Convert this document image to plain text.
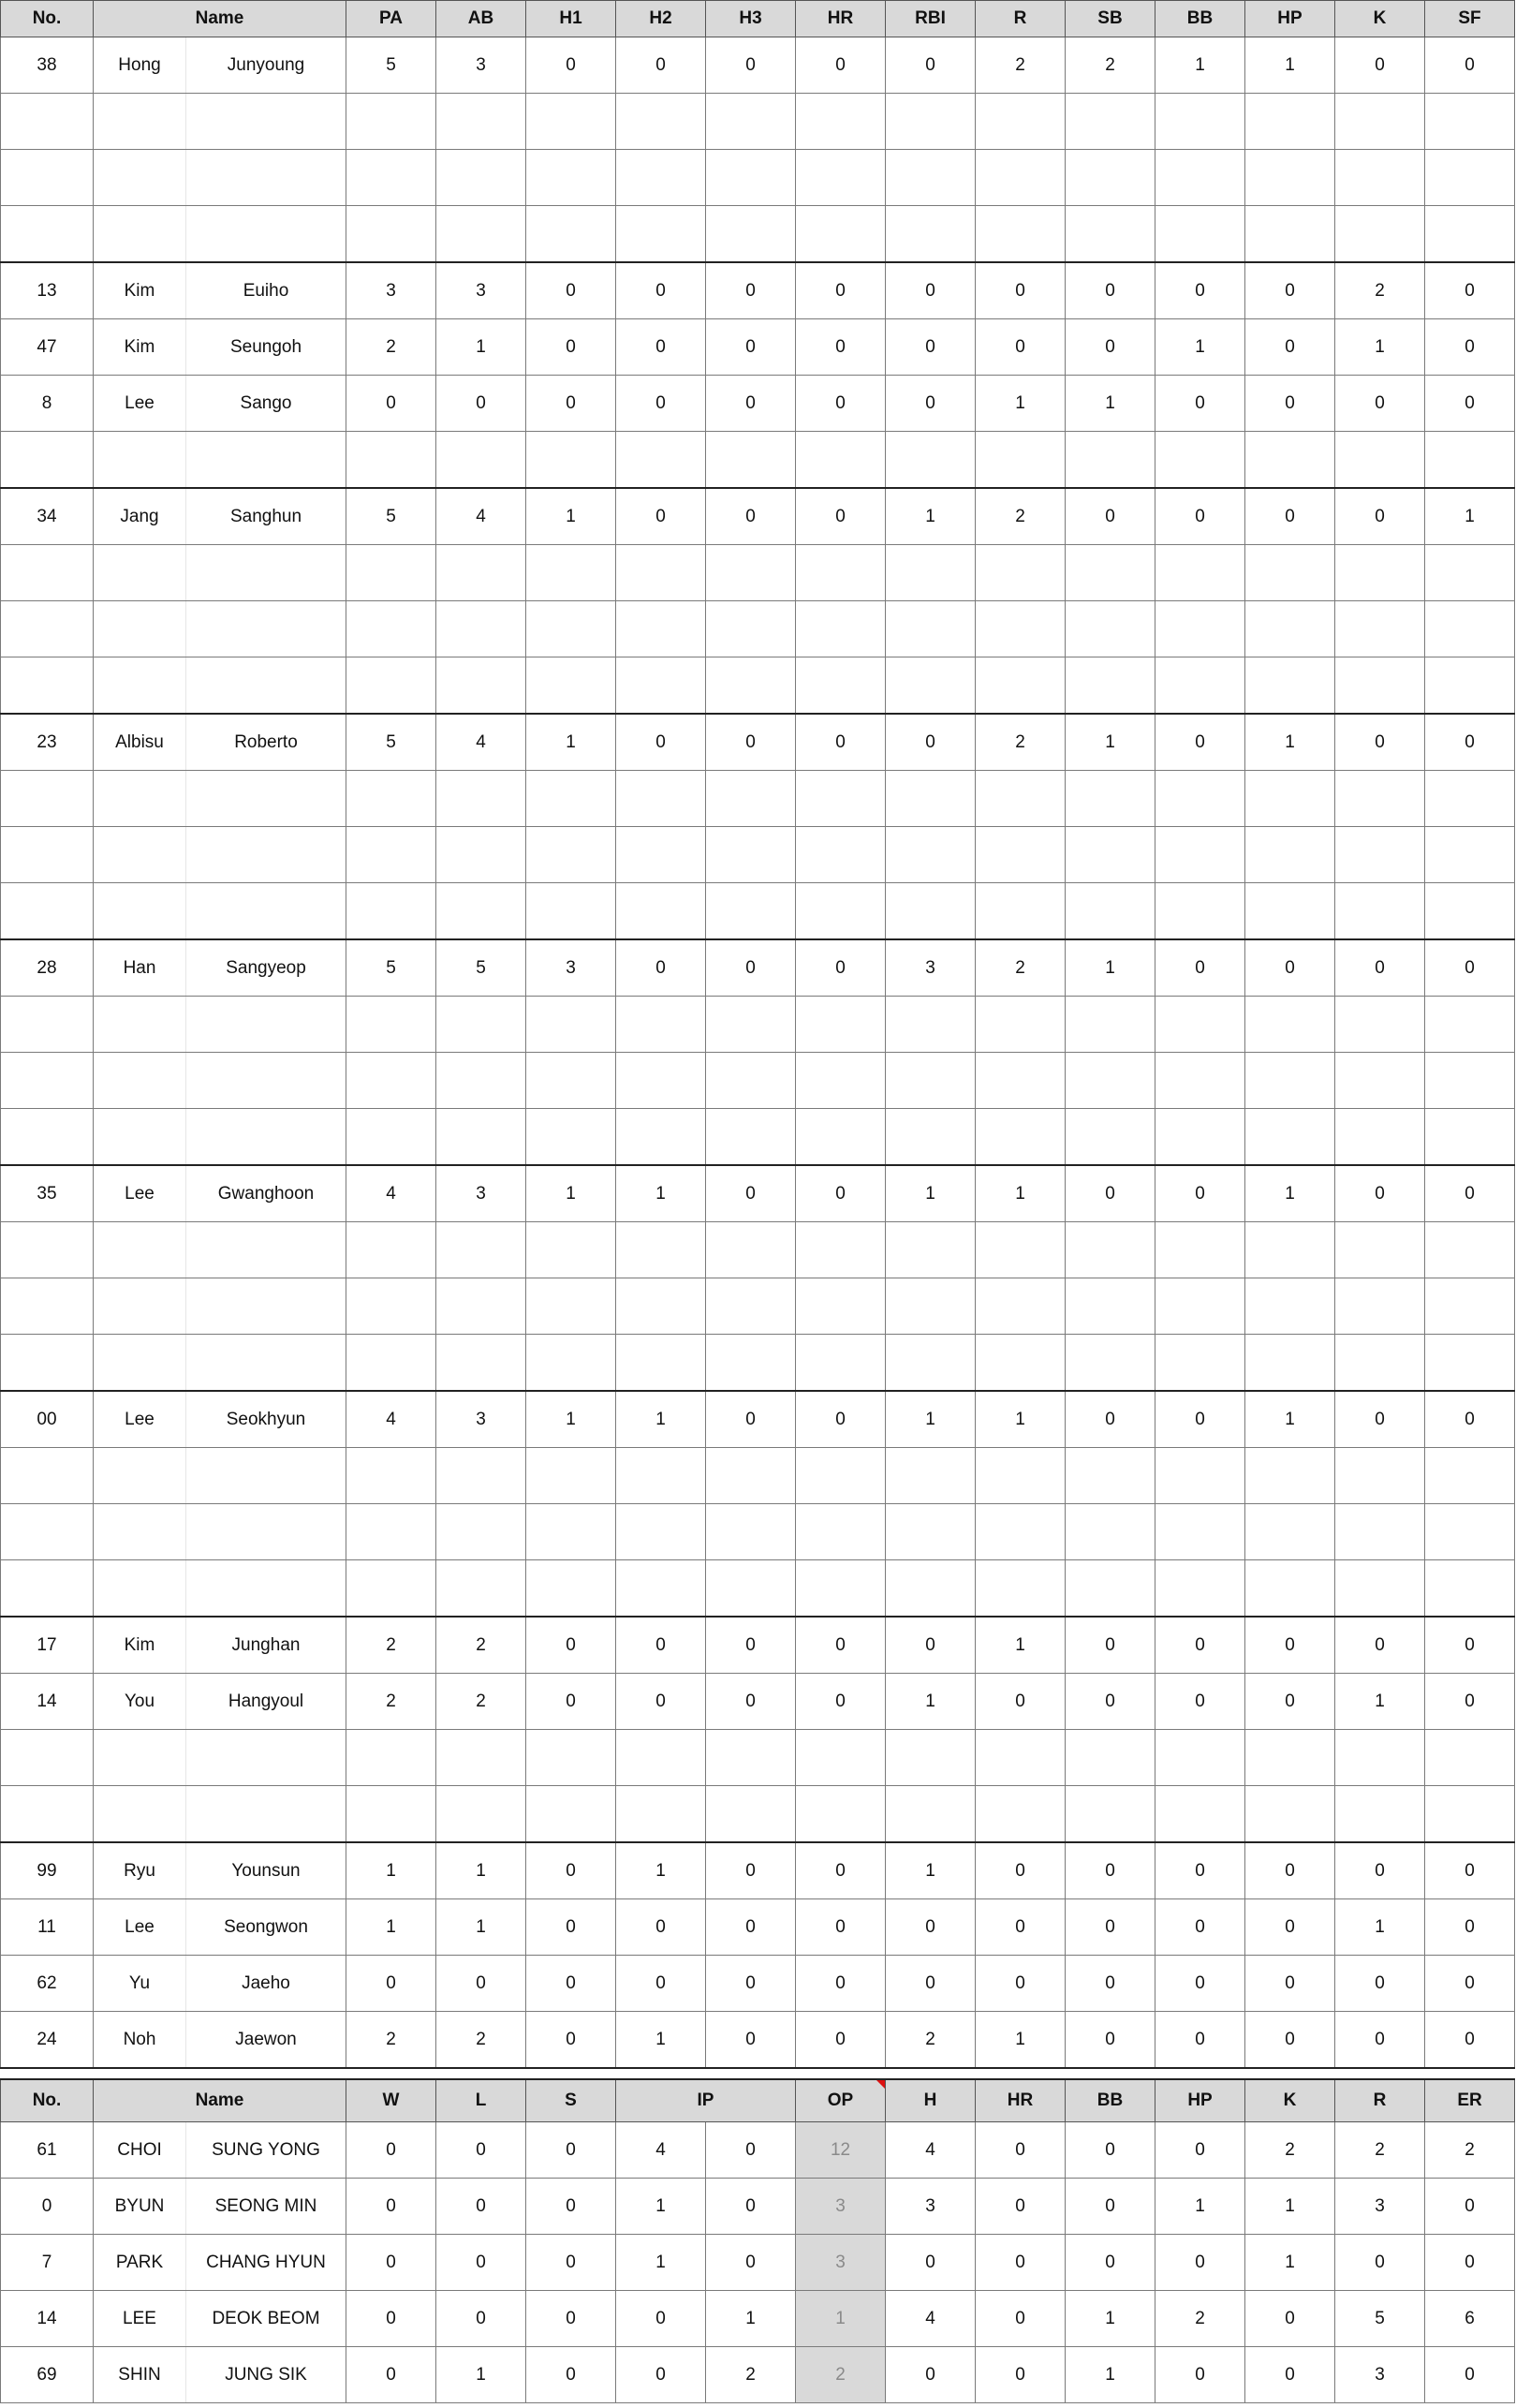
No.	Name		PA	AB	H1	H2	H3	HR	RBI	R	SB	BB	HP	K	SF
38	Hong	Junyoung	5	3	0	0	0	0	0	2	2	1	1	0	0

13	Kim	Euiho	3	3	0	0	0	0	0	0	0	0	0	2	0
47	Kim	Seungoh	2	1	0	0	0	0	0	0	0	1	0	1	0
8	Lee	Sango	0	0	0	0	0	0	0	1	1	0	0	0	0

34	Jang	Sanghun	5	4	1	0	0	0	1	2	0	0	0	0	1

23	Albisu	Roberto	5	4	1	0	0	0	0	2	1	0	1	0	0

28	Han	Sangyeop	5	5	3	0	0	0	3	2	1	0	0	0	0

35	Lee	Gwanghoon	4	3	1	1	0	0	1	1	0	0	1	0	0

00	Lee	Seokhyun	4	3	1	1	0	0	1	1	0	0	1	0	0

17	Kim	Junghan	2	2	0	0	0	0	0	1	0	0	0	0	0
14	You	Hangyoul	2	2	0	0	0	0	1	0	0	0	0	1	0

99	Ryu	Younsun	1	1	0	1	0	0	1	0	0	0	0	0	0
11	Lee	Seongwon	1	1	0	0	0	0	0	0	0	0	0	1	0
62	Yu	Jaeho	0	0	0	0	0	0	0	0	0	0	0	0	0
24	Noh	Jaewon	2	2	0	1	0	0	2	1	0	0	0	0	0
No.	Name		W	L	S	IP		OP	H	HR	BB	HP	K	R	ER
61	CHOI	SUNG YONG	0	0	0	4	0	12	4	0	0	0	2	2	2
0	BYUN	SEONG MIN	0	0	0	1	0	3	3	0	0	1	1	3	0
7	PARK	CHANG HYUN	0	0	0	1	0	3	0	0	0	0	1	0	0
14	LEE	DEOK BEOM	0	0	0	0	1	1	4	0	1	2	0	5	6
69	SHIN	JUNG SIK	0	1	0	0	2	2	0	0	1	0	0	3	0
